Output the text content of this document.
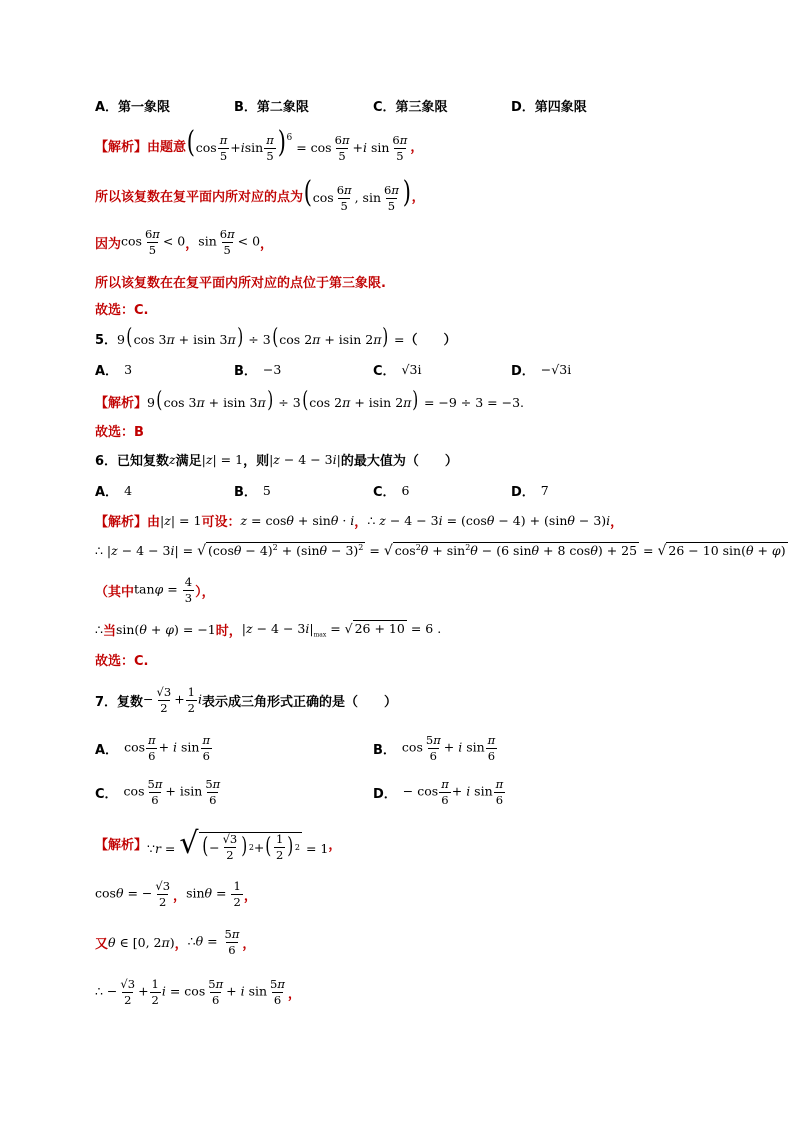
A．第一象限	B．第二象限	C．第三象限	D．第四象限
【解析】 由题意 $(\cos \frac{\pi}{5} +isin \frac{\pi}{5} )^6 = \cos \frac{6\pi}{5} +i$ $\sin \frac{6\pi}{5}$ ，
所以该复数在复平面内所对应的点为 ($\cos \frac{6\pi}{5}$ , $\sin \frac{6\pi}{5}$ ) ，
因为 $\cos \frac{6\pi}{5} < 0$ ， $\sin \frac{6\pi}{5} < 0$ ，
所以该复数在在复平面内所对应的点位于第三象限.
故选：C.
5． 9(cos 3π + isin 3π) ÷ 3(cos 2π + isin 2π) = （　　）
A． 3	B． −3	C． √3i	D． −√3i
【解析】 9(cos 3π + isin 3π) ÷ 3(cos 2π + isin 2π) = −9 ÷ 3 = −3.
故选：B
6．已知复数 z 满足 |z| = 1 ，则 |z − 4 − 3i| 的最大值为（　　）
A． 4	B． 5	C． 6	D． 7
【解析】 由 |z| = 1 可设： z = cosθ + sinθ · i ， ∴ z − 4 − 3i = (cosθ − 4) + (sinθ − 3)i ，
∴ |z − 4 − 3i| = √ $(\cos\theta - 4)^2 + (\sin\theta - 3)^2$ = √ $\cos^2\theta + \sin^2\theta - (6$ sinθ + 8 cosθ) + 25 = √ 26 − 10 sin(θ + φ)
（其中 $\tan\varphi = \frac{4}{3}$ ），
∴ 当 sin(θ + φ) = −1 时， $|z - 4 - 3i|_{max}$ = √ 26 + 10 = 6 .
故选：C.
7．复数 − $\frac{√3}{2} + \frac{1}{2}$ i 表示成三角形式正确的是（　　）
A． $\cos \frac{\pi}{6} + i$ $\sin \frac{\pi}{6}$	B． $\cos \frac{5\pi}{6} + i$ $\sin \frac{\pi}{6}$
C． $\cos \frac{5\pi}{6} + isin \frac{5\pi}{6}$	D． − $\cos \frac{\pi}{6} + i$ $\sin \frac{\pi}{6}$
【解析】 ∵r = √ ( − $\frac{√3}{2}$ ) 2 + ( $\frac{1}{2}$ ) 2 = 1 ，
cosθ = − $\frac{√3}{2}$ ， $\sin\theta = \frac{1}{2}$ ，
又 θ ∈ [0, 2π) ， ∴θ = $\frac{5\pi}{6}$ ，
∴ − $\frac{√3}{2} + \frac{1}{2}$ $i = \cos \frac{5\pi}{6} + i$ $\sin \frac{5\pi}{6}$ ，
